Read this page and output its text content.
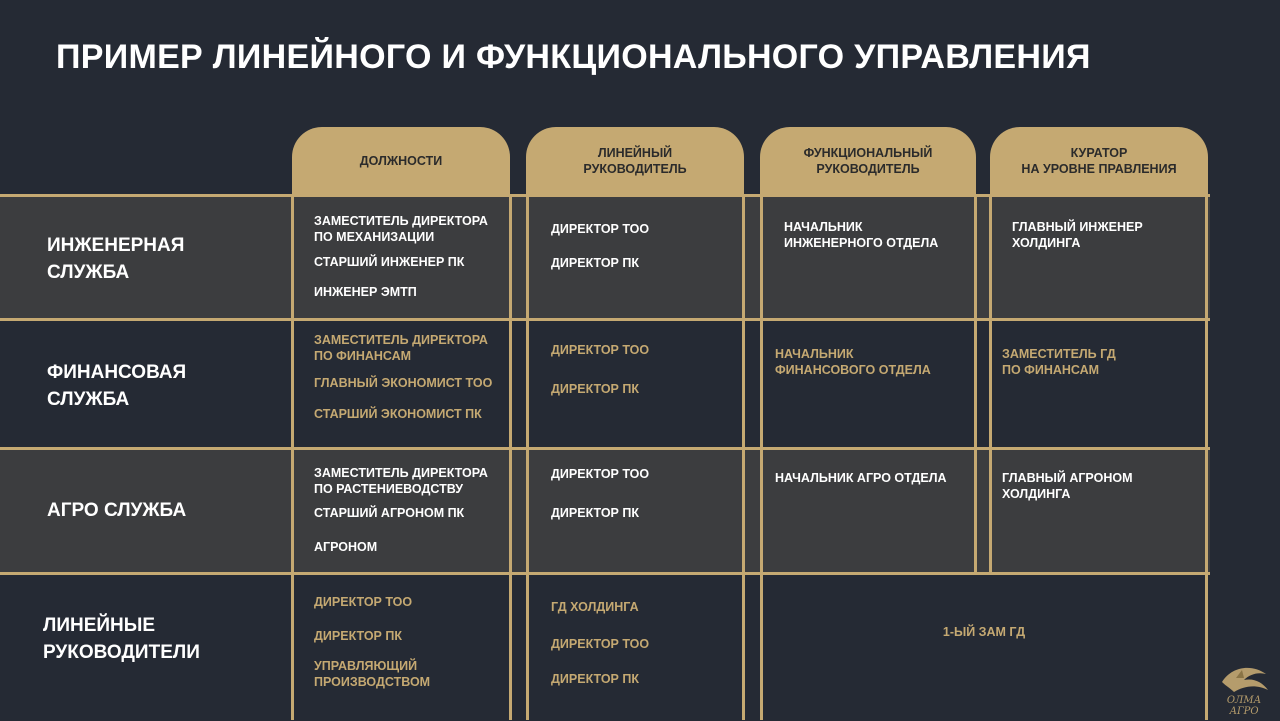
ПРИМЕР ЛИНЕЙНОГО И ФУНКЦИОНАЛЬНОГО УПРАВЛЕНИЯ
ДОЛЖНОСТИ
ЛИНЕЙНЫЙ
РУКОВОДИТЕЛЬ
ФУНКЦИОНАЛЬНЫЙ
РУКОВОДИТЕЛЬ
КУРАТОР
НА УРОВНЕ ПРАВЛЕНИЯ
ИНЖЕНЕРНАЯ
СЛУЖБА
ФИНАНСОВАЯ
СЛУЖБА
АГРО СЛУЖБА
ЛИНЕЙНЫЕ
РУКОВОДИТЕЛИ
ЗАМЕСТИТЕЛЬ ДИРЕКТОРА
ПО МЕХАНИЗАЦИИ
СТАРШИЙ ИНЖЕНЕР ПК
ИНЖЕНЕР ЭМТП
ДИРЕКТОР ТОО
ДИРЕКТОР ПК
НАЧАЛЬНИК
ИНЖЕНЕРНОГО ОТДЕЛА
ГЛАВНЫЙ ИНЖЕНЕР
ХОЛДИНГА
ЗАМЕСТИТЕЛЬ ДИРЕКТОРА
ПО ФИНАНСАМ
ГЛАВНЫЙ ЭКОНОМИСТ ТОО
СТАРШИЙ ЭКОНОМИСТ ПК
ДИРЕКТОР ТОО
ДИРЕКТОР ПК
НАЧАЛЬНИК
ФИНАНСОВОГО ОТДЕЛА
ЗАМЕСТИТЕЛЬ ГД
ПО ФИНАНСАМ
ЗАМЕСТИТЕЛЬ ДИРЕКТОРА
ПО РАСТЕНИЕВОДСТВУ
СТАРШИЙ АГРОНОМ ПК
АГРОНОМ
ДИРЕКТОР ТОО
ДИРЕКТОР ПК
НАЧАЛЬНИК АГРО ОТДЕЛА	ГЛАВНЫЙ АГРОНОМ
ХОЛДИНГА
ДИРЕКТОР ТОО
ДИРЕКТОР ПК
УПРАВЛЯЮЩИЙ
ПРОИЗВОДСТВОМ
ГД ХОЛДИНГА
ДИРЕКТОР ТОО
ДИРЕКТОР ПК
1-ЫЙ ЗАМ ГД
ОЛМА
АГРО
